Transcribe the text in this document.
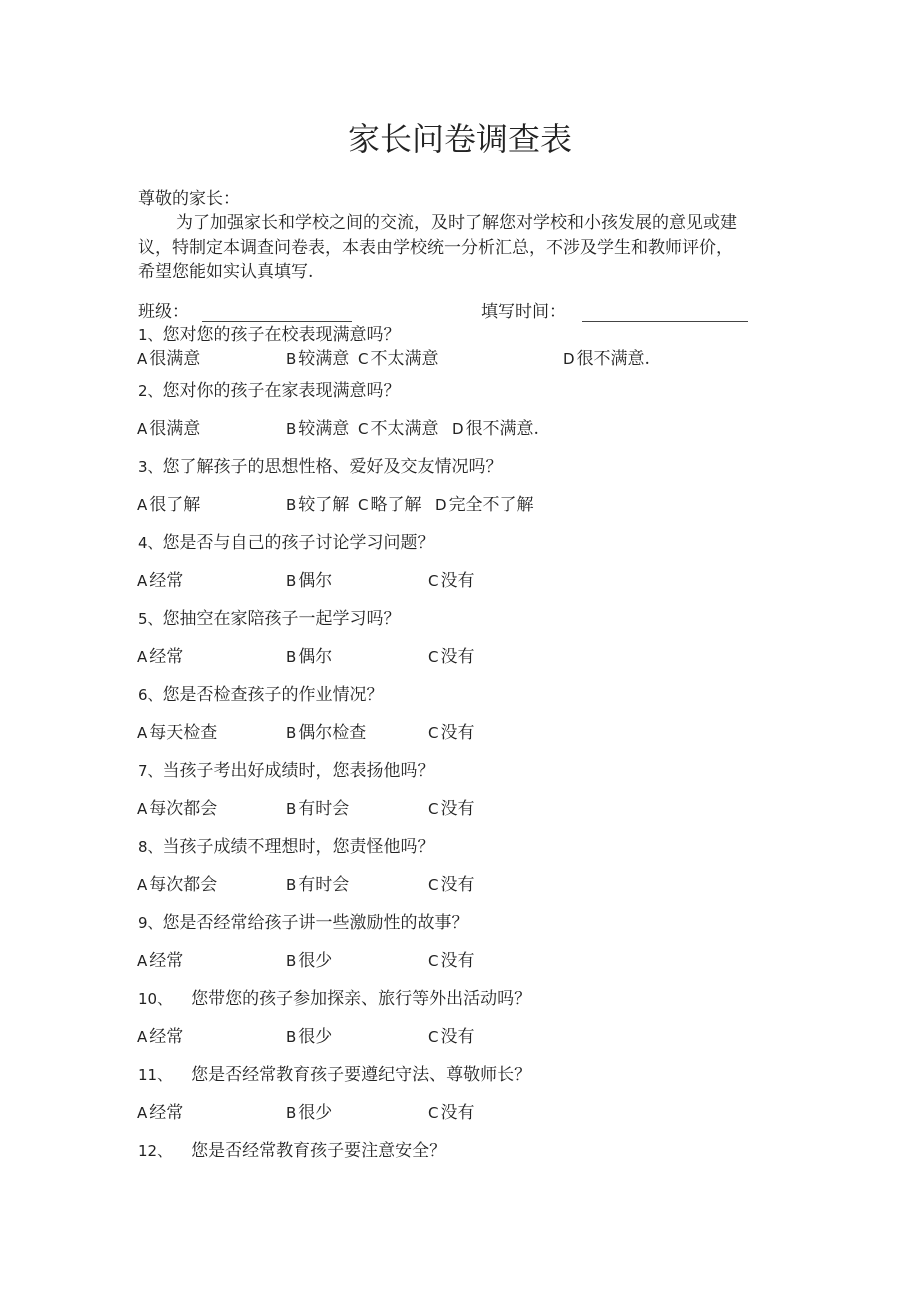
家长问卷调查表
尊敬的家长：
为了加强家长和学校之间的交流，及时了解您对学校和小孩发展的意见或建
议，特制定本调查问卷表，本表由学校统一分析汇总，不涉及学生和教师评价，
希望您能如实认真填写.
班级：	填写时间：
1、您对您的孩子在校表现满意吗？
A 很满意	B 较满意 C 不太满意	D 很不满意.
2、您对你的孩子在家表现满意吗？
A 很满意	B 较满意 C 不太满意 D 很不满意.
3、您了解孩子的思想性格、爱好及交友情况吗？
A 很了解	B 较了解 C 略了解 D 完全不了解
4、您是否与自己的孩子讨论学习问题？
A 经常	B 偶尔	C 没有
5、您抽空在家陪孩子一起学习吗？
A 经常	B 偶尔	C 没有
6、您是否检查孩子的作业情况？
A 每天检查	B 偶尔检查	C 没有
7、当孩子考出好成绩时，您表扬他吗？
A 每次都会	B 有时会	C 没有
8、当孩子成绩不理想时，您责怪他吗？
A 每次都会	B 有时会	C 没有
9、您是否经常给孩子讲一些激励性的故事？
A 经常	B 很少	C 没有
10、 您带您的孩子参加探亲、旅行等外出活动吗？
A 经常	B 很少	C 没有
11、 您是否经常教育孩子要遵纪守法、尊敬师长？
A 经常	B 很少	C 没有
12、 您是否经常教育孩子要注意安全？
